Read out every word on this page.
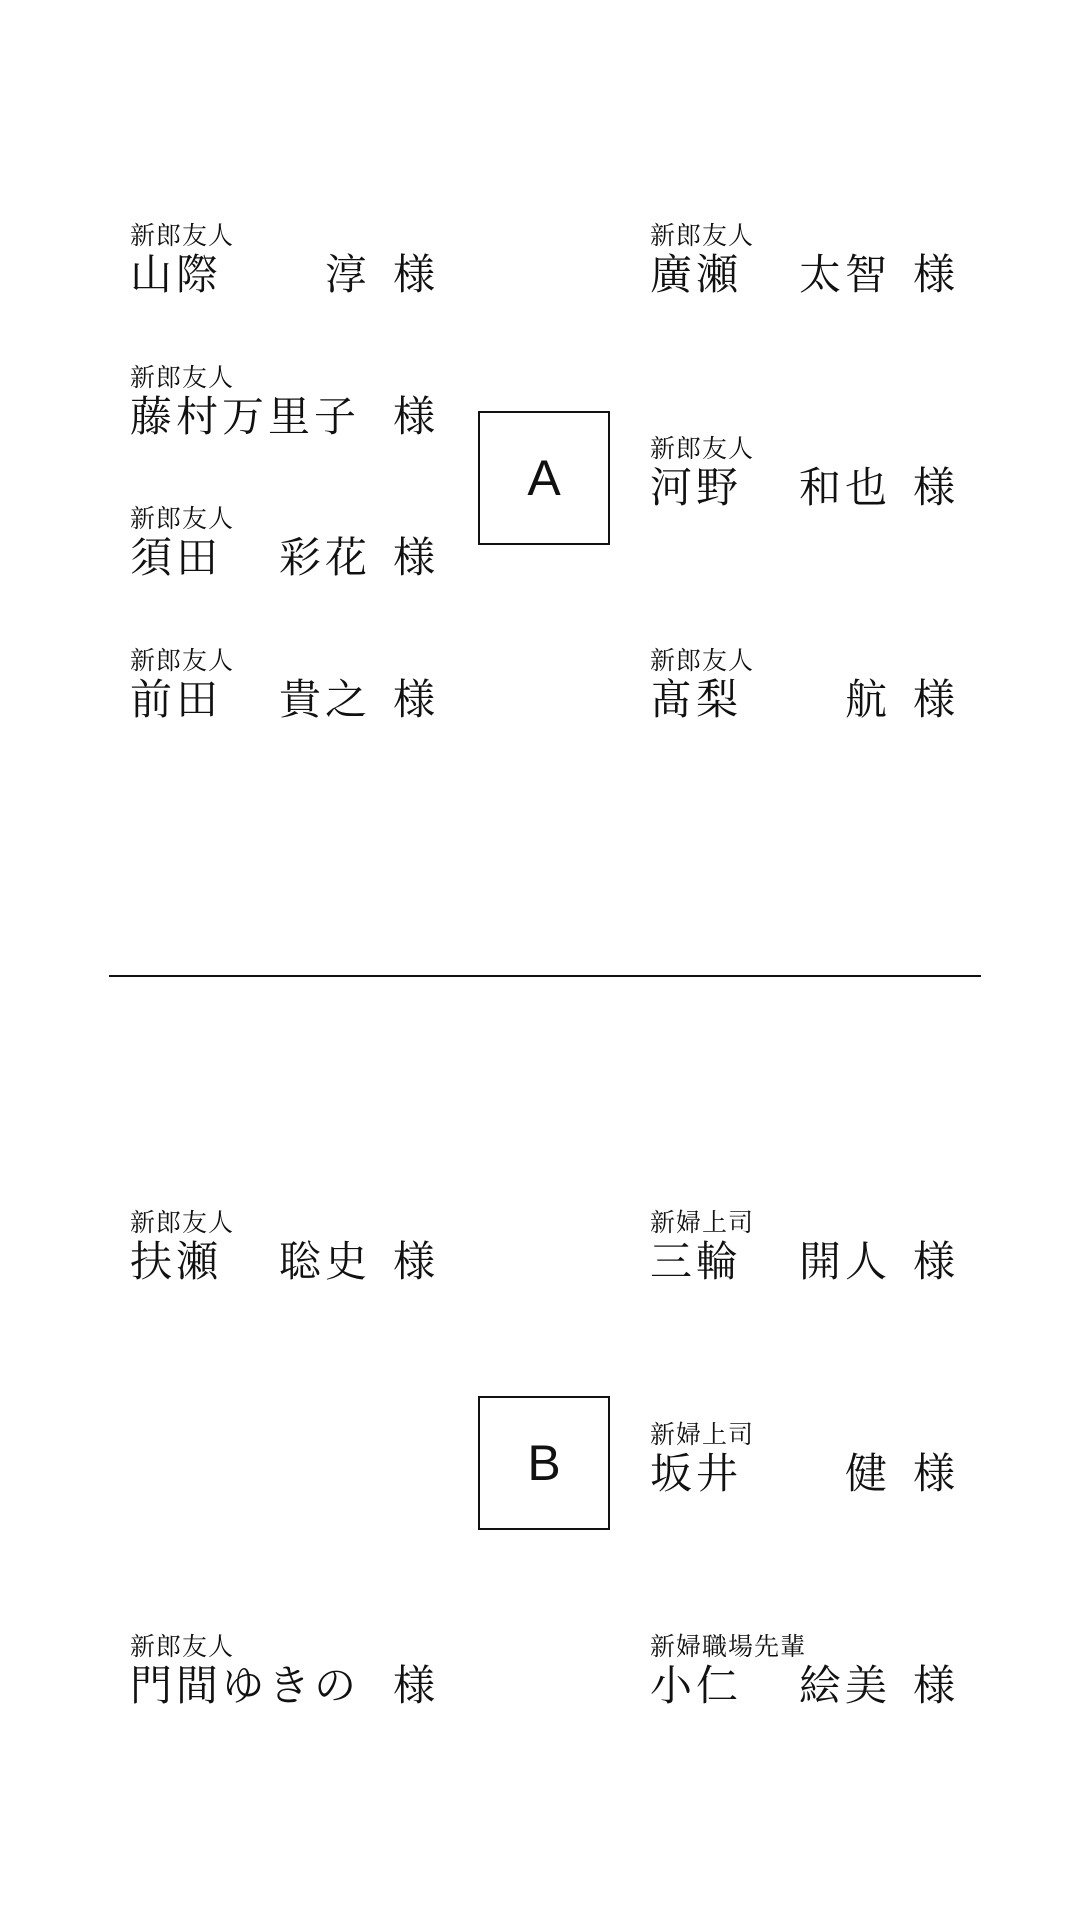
新郎友人
山際 淳 様
新郎友人
藤村万里子 様
新郎友人
須田 彩花 様
新郎友人
前田 貴之 様
新郎友人
廣瀬 太智 様
新郎友人
河野 和也 様
新郎友人
髙梨 航 様
A
新郎友人
扶瀬 聡史 様
新郎友人
門間ゆきの 様
新婦上司
三輪 開人 様
新婦上司
坂井 健 様
新婦職場先輩
小仁 絵美 様
B
